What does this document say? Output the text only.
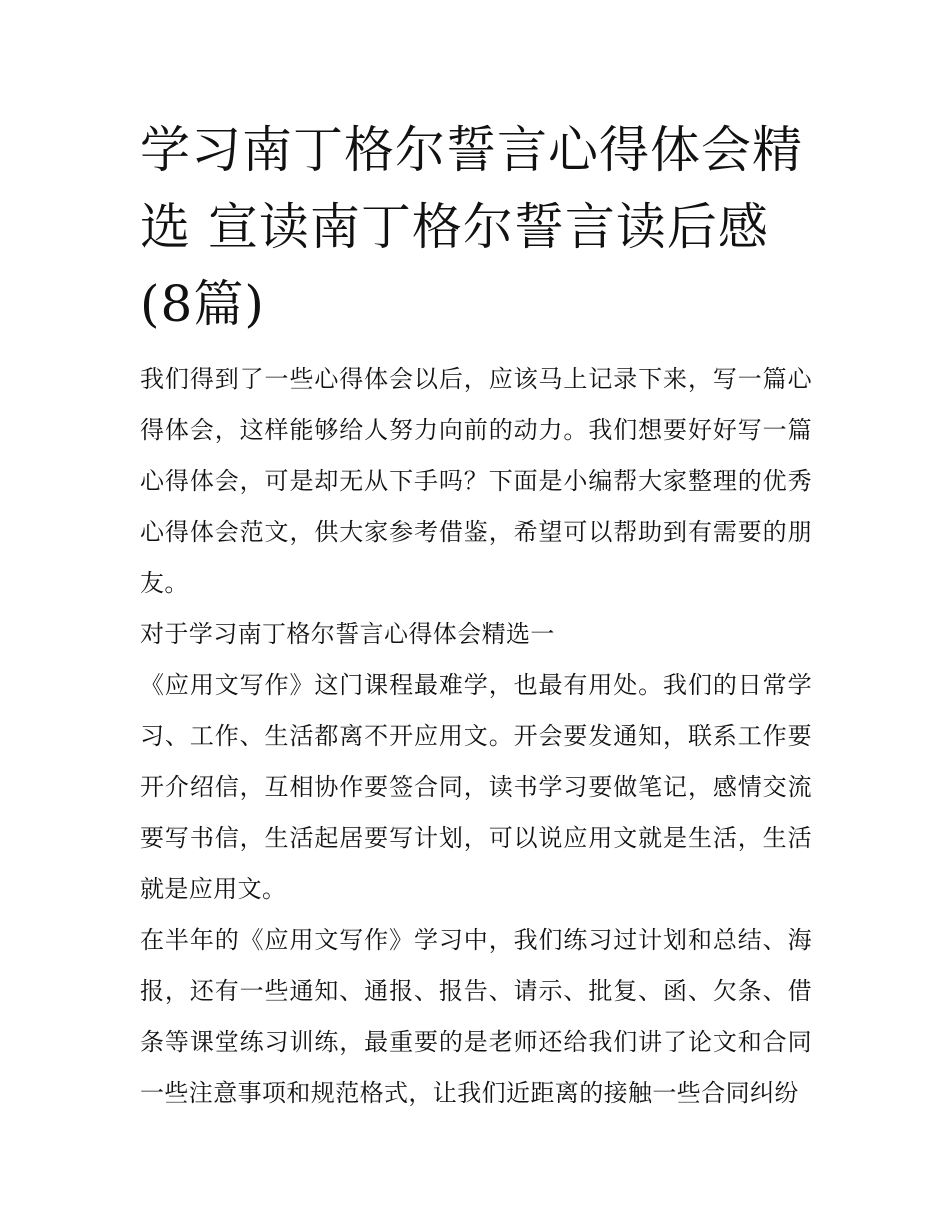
学习南丁格尔誓言心得体会精选 宣读南丁格尔誓言读后感(8篇)

我们得到了一些心得体会以后，应该马上记录下来，写一篇心得体会，这样能够给人努力向前的动力。我们想要好好写一篇心得体会，可是却无从下手吗？下面是小编帮大家整理的优秀心得体会范文，供大家参考借鉴，希望可以帮助到有需要的朋友。

对于学习南丁格尔誓言心得体会精选一

《应用文写作》这门课程最难学，也最有用处。我们的日常学习、工作、生活都离不开应用文。开会要发通知，联系工作要开介绍信，互相协作要签合同，读书学习要做笔记，感情交流要写书信，生活起居要写计划，可以说应用文就是生活，生活就是应用文。

在半年的《应用文写作》学习中，我们练习过计划和总结、海报，还有一些通知、通报、报告、请示、批复、函、欠条、借条等课堂练习训练，最重要的是老师还给我们讲了论文和合同一些注意事项和规范格式，让我们近距离的接触一些合同纠纷
